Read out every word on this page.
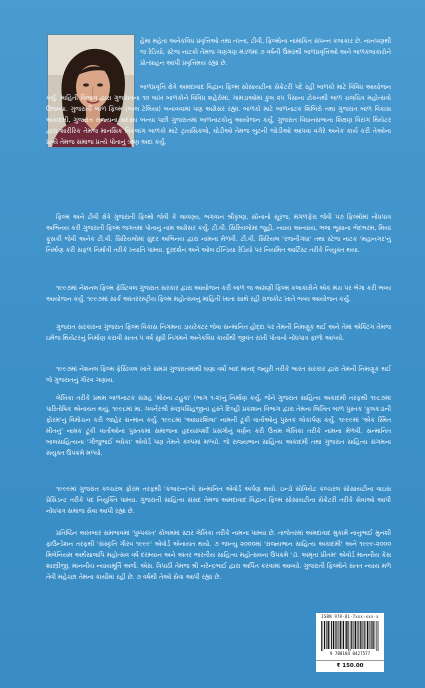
હેમા મહેતા અનેકવિધ પ્રવૃત્તિઓ તથા તખ્તા, ટીવી, ફિલ્મોના નામાંકિત સંપન્ન કલાકાર છે. નાનપણથી જ રેડિયો, સ્ટેજ નાટકો તેમજ ગણગણ મંડળમાં ૭ વર્ષની ઉંમરથી બાળપ્રવૃત્તિઓ અને બાળકલાકારોને પ્રોત્સાહન આપી પ્રવૃત્તિમય રહ્યા છે.

બાળપ્રવૃત્તિ ક્ષેત્રે અમદાવાદ વિદ્વાન ફિલ્મ સોસાયટીના સેક્રેટરી પદે રહી બાળકો માટે વિવિધ આયોજન કર્યું. માહિતી વિભાગ દ્વારા ગુજરાતના ૧૦ લાખ બાળકોને વિવિધ શહેરોમાં, ગામડાઓમાં કુલ ૨૫ પૈસાના ટોકનથી બાળ ચલચિત્ર મહોત્સવો ઉજવ્યા. ગુજરાતી બાળ ફિલ્મ (બાલ ટેલિયા) બનાવવામાં પણ અગ્રેસર રહ્યા. બાળકો માટે બાળનાટક શિબિરો તથા ગુજરાત બાળ વિકાસ અકાદમી, ગુજરાત રાજ્યના સદસ્ય બન્યા પછી ગુજરાતમાં બાળનાટકોનું આયોજન કર્યું. ગુજરાત વિધાનસભાના શિક્ષણ વિરાગ થિયેટર દ્વારા શારીરિક તેમજ માનસિક વિકલાંગ બાળકો માટે ટ્રાયસિકલો, ઘોડીઓ તેમજ બુટની જોડીઓ આપવા વગેરે અનેક કાર્ય કરી તેઓના પ્રત્યે તેમજ સમાજ પ્રત્યે પોતાનું ઋણ અદા કર્યું.

ફિલ્મ અને ટીવી ક્ષેત્રે ગુજરાતી ફિલ્મો જેવી કે લાવણ્ય, ભગવાન શ્રીકૃષ્ણ, સોનાનો સૂરજ, મંગળફેરા જેવી ૫૭ ફિલ્મોમાં નોંધપાત્ર અભિનય કરી ગુજરાતી ફિલ્મ જગતમાં પોતાનું નામ અગ્રેસર કર્યું. ટી.વી. સિરિયલોમાં જૂહી, ન્યાય અન્યાય, ભલા ભૂસાના ભેદભરમ, મિયાં ફૂસકી જેવી અનેક ટી.વી. સિરિયલોમાં સુંદર અભિનય દ્વારા નામના મેળવી. ટી.વી. સિરિયલ 'રજનીગંધા' તથા સ્ટેજ નાટક 'મહાનગર'નું નિર્માણ કરી સફળ નિર્માત્રી તરીકે ખ્યાતિ પામ્યા. દૂરદર્શન અને ઓલ ઈન્ડિયા રેડિયો પર નિયમિત આર્ટિસ્ટ તરીકે નિયુક્ત થયા.

૧૯૯૭માં નેશનલ ફિલ્મ ફેસ્ટિવલ ગુજરાત સરકાર દ્વારા આયોજન કરી બાળ જ અગ્રણી ફિલ્મ કલાકારોને એક મંચ પર ભેગા કરી ભવ્ય આયોજન કર્યું. ૧૯૯૭માં સાર્ક આંતરરાષ્ટ્રીય ફિલ્મ મહોત્સવનું માહિતી ખાતા સાથે રહી રાજકોટ ખાતે ભવ્ય આયોજન કર્યું.

ગુજરાત સરકારના ગુજરાત ફિલ્મ વિકાસ નિગમના ડાયરેક્ટર જેવા સન્માનિત હોદ્દા પર તેમની નિમણૂક થઈ અને તેમાં એક્ટિંગ તેમજ ઇમેજ થિયેટરનું નિર્માણ કરાવી સતત ૫ વર્ષ સુધી નિગમને અનેકવિધ કાર્યોથી જીવંત રાખી પોતાનો નોંધપાત્ર ફાળો આપ્યો.

૧૯૯૭માં નેશનલ ફિલ્મ ફેસ્ટિવલ ખાતે સમગ્ર ગુજરાતમાંથી ઘણા વર્ષો બાદ માનદ્ જ્યુરી તરીકે ભારત સરકાર દ્વારા તેમની નિમણૂક થઈ જે ગુજરાતનું ગૌરવ ગણાય.

લેખિકા તરીકે પ્રથમ બાળનાટક સંગ્રહ 'મોરના ટહુકા' (ભાગ ૧-૨)નું નિર્માણ કર્યું, જેને ગુજરાત સાહિત્ય અકાદમી તરફથી ૧૯૮૭માં પારિતોષિક એનાયત થયું, ૧૯૯૮માં મા. ગવર્નરશ્રી સ્વરૂપસિંહજીના હસ્તે દિલ્હી પ્રકાશન વિભાગ દ્વારા તેમના લિખિત બાળ પુસ્તક 'ફુલકડાંની ફોરમ'નું વિમોચન કરી જાહેર સન્માન કર્યું. ૧૯૯૮માં 'આધારશિલા' નામની ટૂંકી વાર્તાઓનું પુસ્તક લોકાર્પણ કર્યું. ૧૯૯૯માં 'એક સ્મિત મીતનું' નામક ટૂંકી વાર્તાઓના પુસ્તકમાં સમાજના હૃદયસ્પર્શી પ્રસંગોનું વર્ણન કરી ઉત્તમ લેખિકા તરીકે નામના મેળવી. સન્માનિત બાલસાહિત્યના 'ગીજુભાઈ બધેકા' એવોર્ડ પણ તેમને કલ્પમાં મળ્યો. જે રાજ્યભાન સાહિત્ય અકાદમી તથા ગુજરાત સાહિત્ય સંગમના સંયુક્ત ઉપક્રમે મળ્યો.

૧૯૯૯માં ગુજરાત કલ્ચરલ ફોરમ તરફથી 'કલારત્ન'નો સન્માનિત એવોર્ડ અર્પણ થયો. ઇન્ડો સોવિયેટ કલ્ચરલ સોસાયટીના વાઇસ પ્રેસિડન્ટ તરીકે પદ નિયુક્તિ પામ્યા. ગુજરાતી સાહિત્ય સંસદ તેમજ અમદાવાદ વિદ્વાન ફિલ્મ સોસાયટીના સેક્રેટરી તરીકે સેવાઓ આપી નોંધપાત્ર સમાજ સેવા આપી રહ્યા છે.

પ્રતિષ્ઠિત અખબાર સમભાવમાં 'પુષ્પકાંત' કોલમમાં સ્ટાર લેખિકા તરીકે નામના પામ્યા છે. તાજેતરમાં અમદાવાદ મુકામે નાનુભાઈ મુનશી ફાઉન્ડેશન તરફથી 'સંસ્કૃતિ ગૌરવ ૧૯૯૯' એવોર્ડ એનાયત થયો. ૭ જાન્યુ ૨૦૦૦માં 'રાજ્યભાન સાહિત્ય અકાદમી' અને ૧૯૯૯-૨૦૦૦ મિલેનિયમ અર્થસાલાપિ મહોત્સવ વર્ષ દરમ્યાન અને અંતર ભારતીય સાહિત્ય મહોત્સવના ઉપક્રમે 'ડૉ. અમૃતા પ્રીતમ' એવોર્ડ માનનીય કેસ શાસ્ત્રીજી, માનનીય ન્યાયમૂર્તિ અર્જ. એસ. ત્રિપાઠી તેમજ શ્રી નરેન્દ્રભાઈ દ્વારા અર્પિત કરવામાં આવ્યો. ગુજરાતી ફિલ્મોને સતત ન્યાય મળે તેવી મહેચ્છા તેમના કાર્યોમાં રહી છે. ૭ વર્ષથી તેઓ સેવા આપી રહ્યા છે.

ISBN 978-81-7xxx-xxx-x
9 788184 0427577
₹ 150.00
